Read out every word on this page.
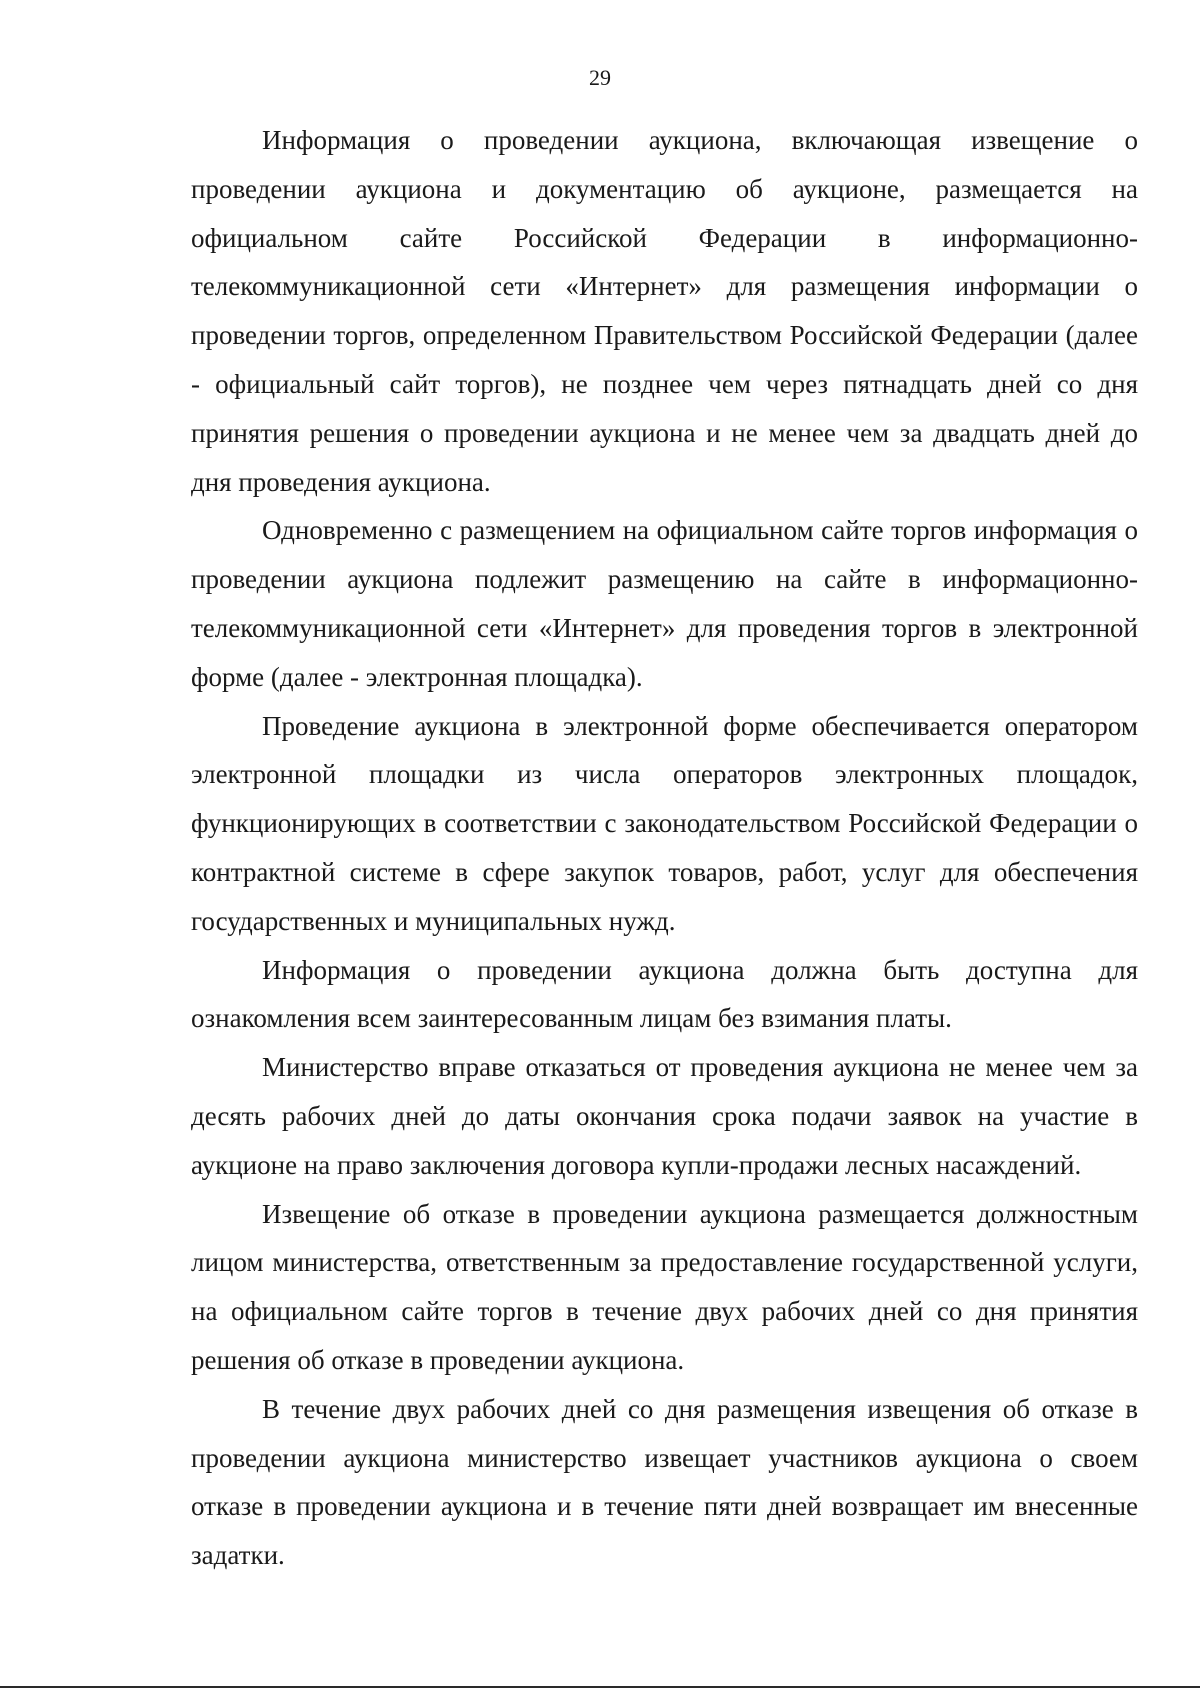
29

Информация о проведении аукциона, включающая извещение о проведении аукциона и документацию об аукционе, размещается на официальном сайте Российской Федерации в информационно-телекоммуникационной сети «Интернет» для размещения информации о проведении торгов, определенном Правительством Российской Федерации (далее - официальный сайт торгов), не позднее чем через пятнадцать дней со дня принятия решения о проведении аукциона и не менее чем за двадцать дней до дня проведения аукциона.

Одновременно с размещением на официальном сайте торгов информация о проведении аукциона подлежит размещению на сайте в информационно-телекоммуникационной сети «Интернет» для проведения торгов в электронной форме (далее - электронная площадка).

Проведение аукциона в электронной форме обеспечивается оператором электронной площадки из числа операторов электронных площадок, функционирующих в соответствии с законодательством Российской Федерации о контрактной системе в сфере закупок товаров, работ, услуг для обеспечения государственных и муниципальных нужд.

Информация о проведении аукциона должна быть доступна для ознакомления всем заинтересованным лицам без взимания платы.

Министерство вправе отказаться от проведения аукциона не менее чем за десять рабочих дней до даты окончания срока подачи заявок на участие в аукционе на право заключения договора купли-продажи лесных насаждений.

Извещение об отказе в проведении аукциона размещается должностным лицом министерства, ответственным за предоставление государственной услуги, на официальном сайте торгов в течение двух рабочих дней со дня принятия решения об отказе в проведении аукциона.

В течение двух рабочих дней со дня размещения извещения об отказе в проведении аукциона министерство извещает участников аукциона о своем отказе в проведении аукциона и в течение пяти дней возвращает им внесенные задатки.
